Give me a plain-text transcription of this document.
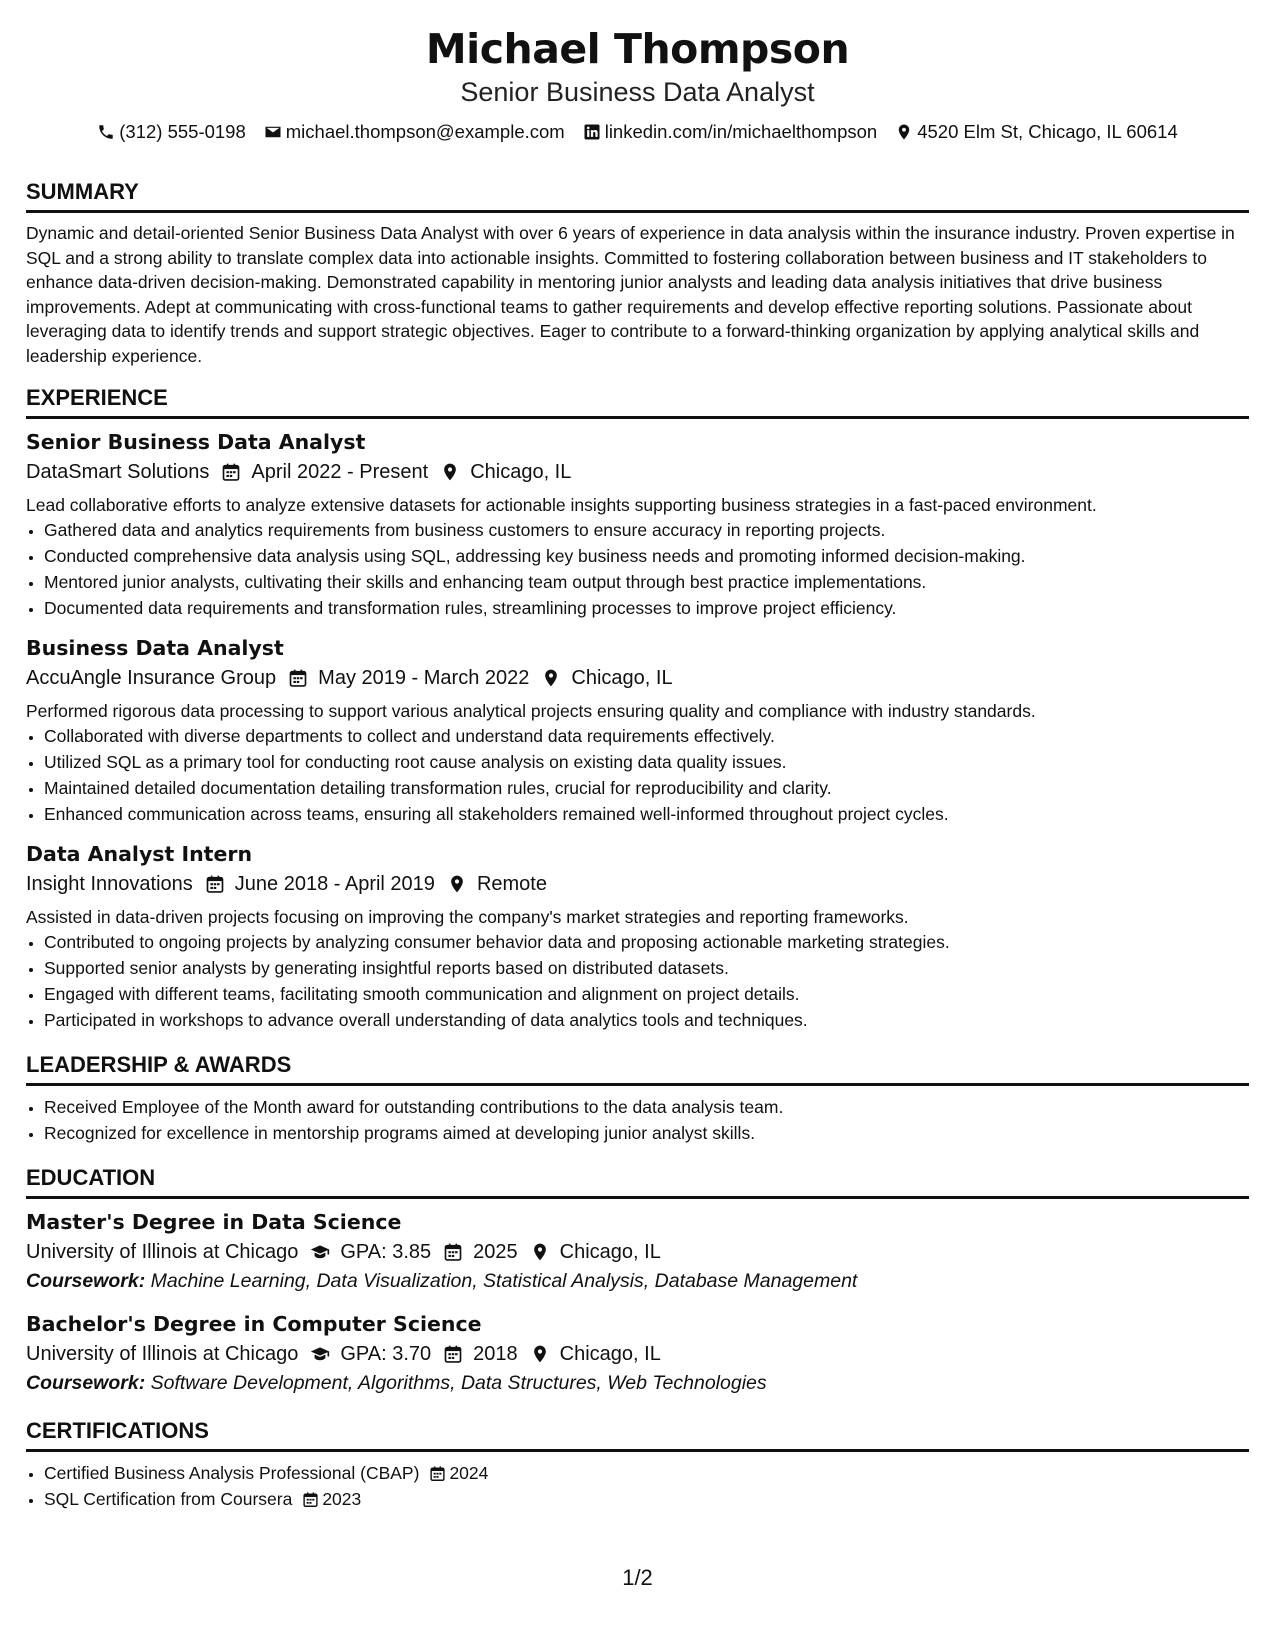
Michael Thompson
Senior Business Data Analyst
(312) 555-0198 michael.thompson@example.com linkedin.com/in/michaelthompson 4520 Elm St, Chicago, IL 60614
SUMMARY

Dynamic and detail-oriented Senior Business Data Analyst with over 6 years of experience in data analysis within the insurance industry. Proven expertise in SQL and a strong ability to translate complex data into actionable insights. Committed to fostering collaboration between business and IT stakeholders to enhance data-driven decision-making. Demonstrated capability in mentoring junior analysts and leading data analysis initiatives that drive business improvements. Adept at communicating with cross-functional teams to gather requirements and develop effective reporting solutions. Passionate about leveraging data to identify trends and support strategic objectives. Eager to contribute to a forward-thinking organization by applying analytical skills and leadership experience.

EXPERIENCE
Senior Business Data Analyst
DataSmart Solutions April 2022 - Present Chicago, IL

Lead collaborative efforts to analyze extensive datasets for actionable insights supporting business strategies in a fast-paced environment.

• Gathered data and analytics requirements from business customers to ensure accuracy in reporting projects.
• Conducted comprehensive data analysis using SQL, addressing key business needs and promoting informed decision-making.
• Mentored junior analysts, cultivating their skills and enhancing team output through best practice implementations.
• Documented data requirements and transformation rules, streamlining processes to improve project efficiency.
Business Data Analyst
AccuAngle Insurance Group May 2019 - March 2022 Chicago, IL

Performed rigorous data processing to support various analytical projects ensuring quality and compliance with industry standards.

• Collaborated with diverse departments to collect and understand data requirements effectively.
• Utilized SQL as a primary tool for conducting root cause analysis on existing data quality issues.
• Maintained detailed documentation detailing transformation rules, crucial for reproducibility and clarity.
• Enhanced communication across teams, ensuring all stakeholders remained well-informed throughout project cycles.
Data Analyst Intern
Insight Innovations June 2018 - April 2019 Remote

Assisted in data-driven projects focusing on improving the company's market strategies and reporting frameworks.

• Contributed to ongoing projects by analyzing consumer behavior data and proposing actionable marketing strategies.
• Supported senior analysts by generating insightful reports based on distributed datasets.
• Engaged with different teams, facilitating smooth communication and alignment on project details.
• Participated in workshops to advance overall understanding of data analytics tools and techniques.
LEADERSHIP & AWARDS
• Received Employee of the Month award for outstanding contributions to the data analysis team.
• Recognized for excellence in mentorship programs aimed at developing junior analyst skills.
EDUCATION
Master's Degree in Data Science
University of Illinois at Chicago GPA: 3.85 2025 Chicago, IL
Coursework: Machine Learning, Data Visualization, Statistical Analysis, Database Management
Bachelor's Degree in Computer Science
University of Illinois at Chicago GPA: 3.70 2018 Chicago, IL
Coursework: Software Development, Algorithms, Data Structures, Web Technologies
CERTIFICATIONS
• Certified Business Analysis Professional (CBAP) 2024
• SQL Certification from Coursera 2023
1/2
